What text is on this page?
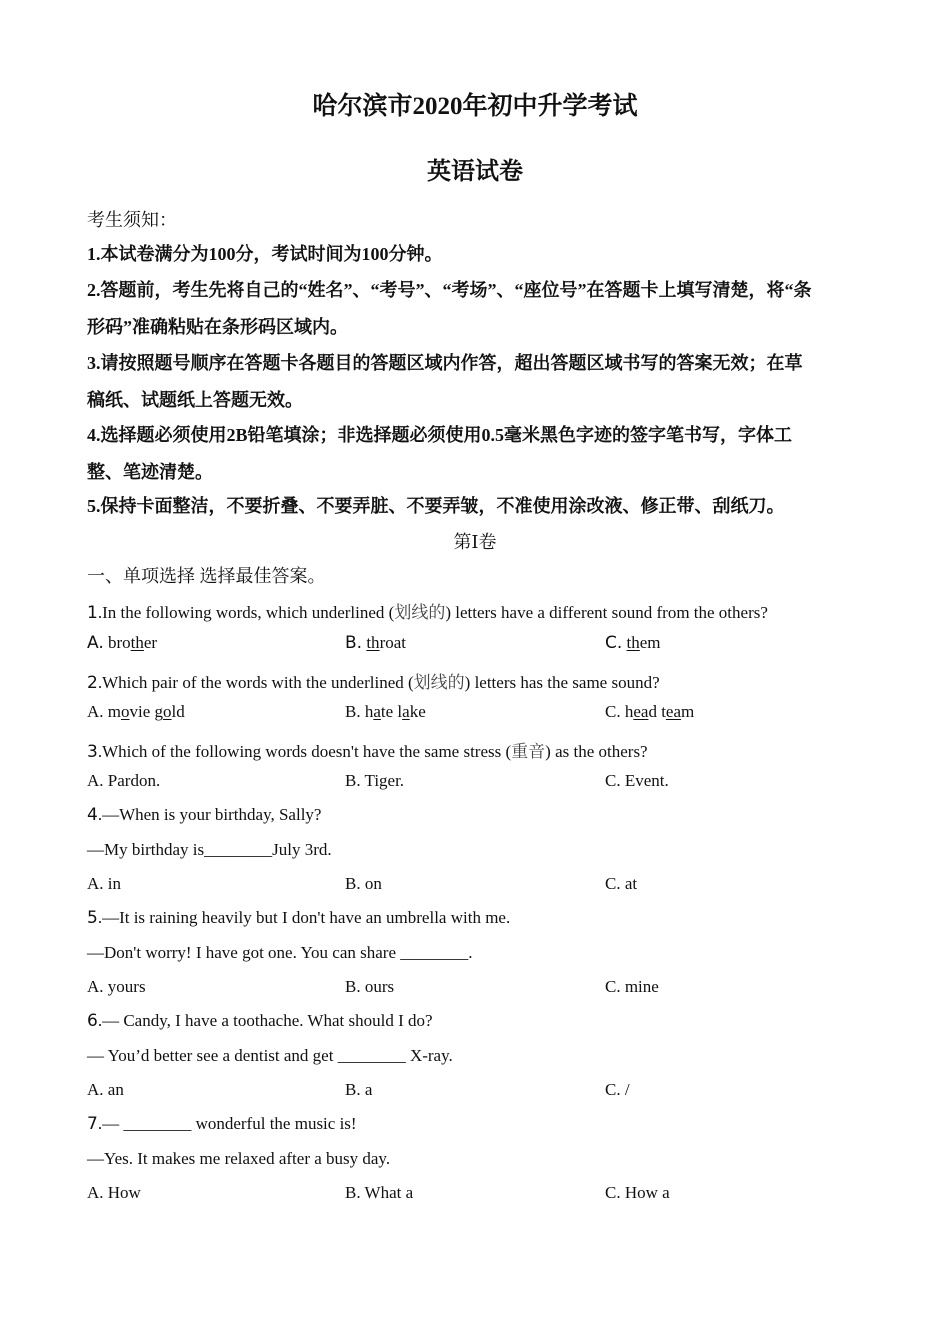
哈尔滨市2020年初中升学考试
英语试卷
考生须知：
1.本试卷满分为100分，考试时间为100分钟。
2.答题前，考生先将自己的“姓名”、“考号”、“考场”、“座位号”在答题卡上填写清楚，将“条
形码”准确粘贴在条形码区域内。
3.请按照题号顺序在答题卡各题目的答题区域内作答，超出答题区域书写的答案无效；在草
稿纸、试题纸上答题无效。
4.选择题必须使用2B铅笔填涂；非选择题必须使用0.5毫米黑色字迹的签字笔书写，字体工
整、笔迹清楚。
5.保持卡面整洁，不要折叠、不要弄脏、不要弄皱，不准使用涂改液、修正带、刮纸刀。
第Ⅰ卷
一、单项选择 选择最佳答案。
1.In the following words, which underlined (划线的) letters have a different sound from the others?
A. brother	B. throat	C. them
2.Which pair of the words with the underlined (划线的) letters has the same sound?
A. movie gold	B. hate lake	C. head team
3.Which of the following words doesn't have the same stress (重音) as the others?
A. Pardon.	B. Tiger.	C. Event.
4.—When is your birthday, Sally?
—My birthday is________July 3rd.
A. in	B. on	C. at
5.—It is raining heavily but I don't have an umbrella with me.
—Don't worry! I have got one. You can share ________.
A. yours	B. ours	C. mine
6.— Candy, I have a toothache. What should I do?
— You’d better see a dentist and get ________ X-ray.
A. an	B. a	C. /
7.— ________ wonderful the music is!
—Yes. It makes me relaxed after a busy day.
A. How	B. What a	C. How a
